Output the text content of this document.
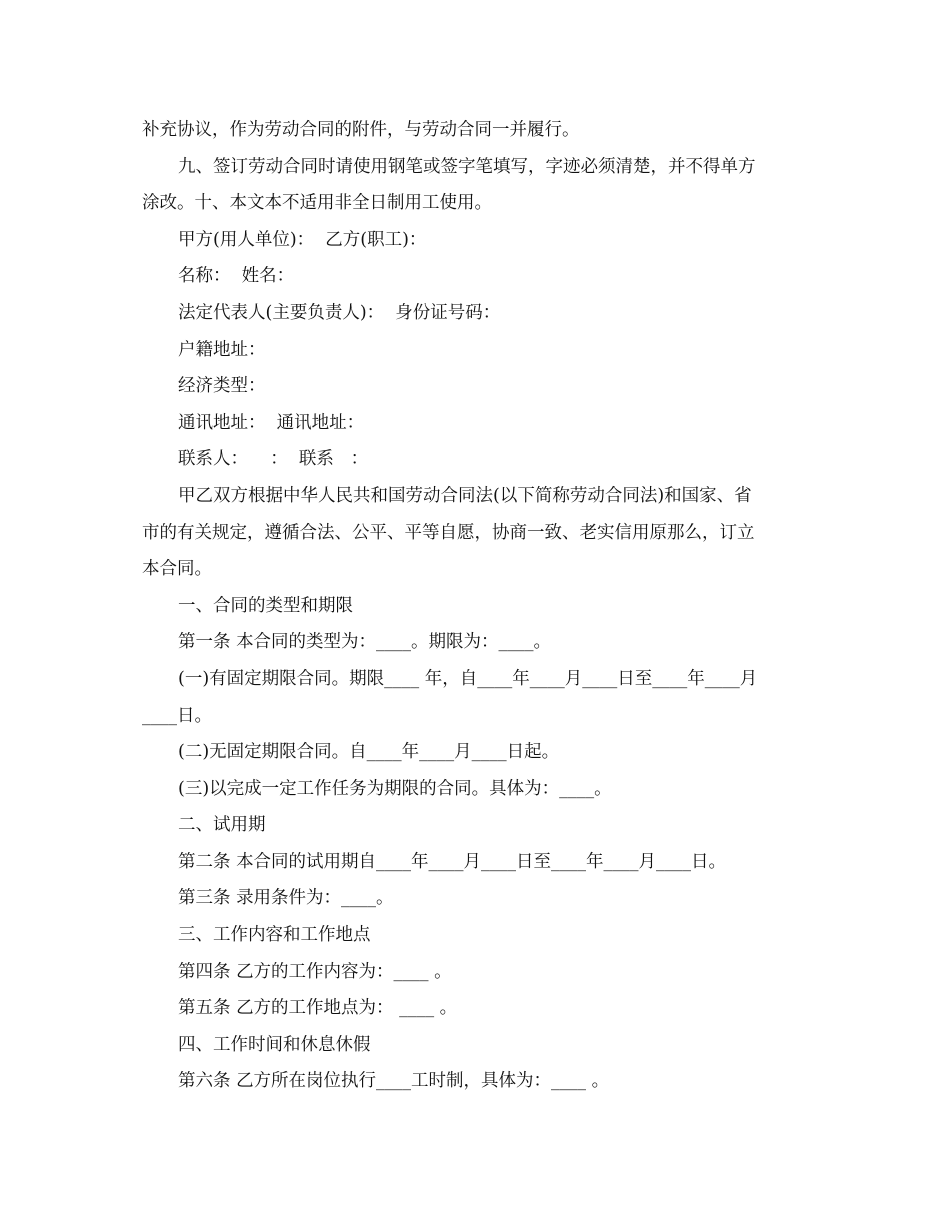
补充协议，作为劳动合同的附件，与劳动合同一并履行。
九、签订劳动合同时请使用钢笔或签字笔填写，字迹必须清楚，并不得单方
涂改。十、本文本不适用非全日制用工使用。
甲方(用人单位)：  乙方(职工)：
名称：  姓名：
法定代表人(主要负责人)：  身份证号码：
户籍地址：
经济类型：
通讯地址：  通讯地址：
联系人：    ：  联系   ：
甲乙双方根据中华人民共和国劳动合同法(以下简称劳动合同法)和国家、省
市的有关规定，遵循合法、公平、平等自愿，协商一致、老实信用原那么，订立
本合同。
一、合同的类型和期限
第一条 本合同的类型为：____。期限为：____。
(一)有固定期限合同。期限____ 年，自____年____月____日至____年____月
____日。
(二)无固定期限合同。自____年____月____日起。
(三)以完成一定工作任务为期限的合同。具体为：____。
二、试用期
第二条 本合同的试用期自____年____月____日至____年____月____日。
第三条 录用条件为：____。
三、工作内容和工作地点
第四条 乙方的工作内容为：____ 。
第五条 乙方的工作地点为： ____ 。
四、工作时间和休息休假
第六条 乙方所在岗位执行____工时制，具体为：____ 。
